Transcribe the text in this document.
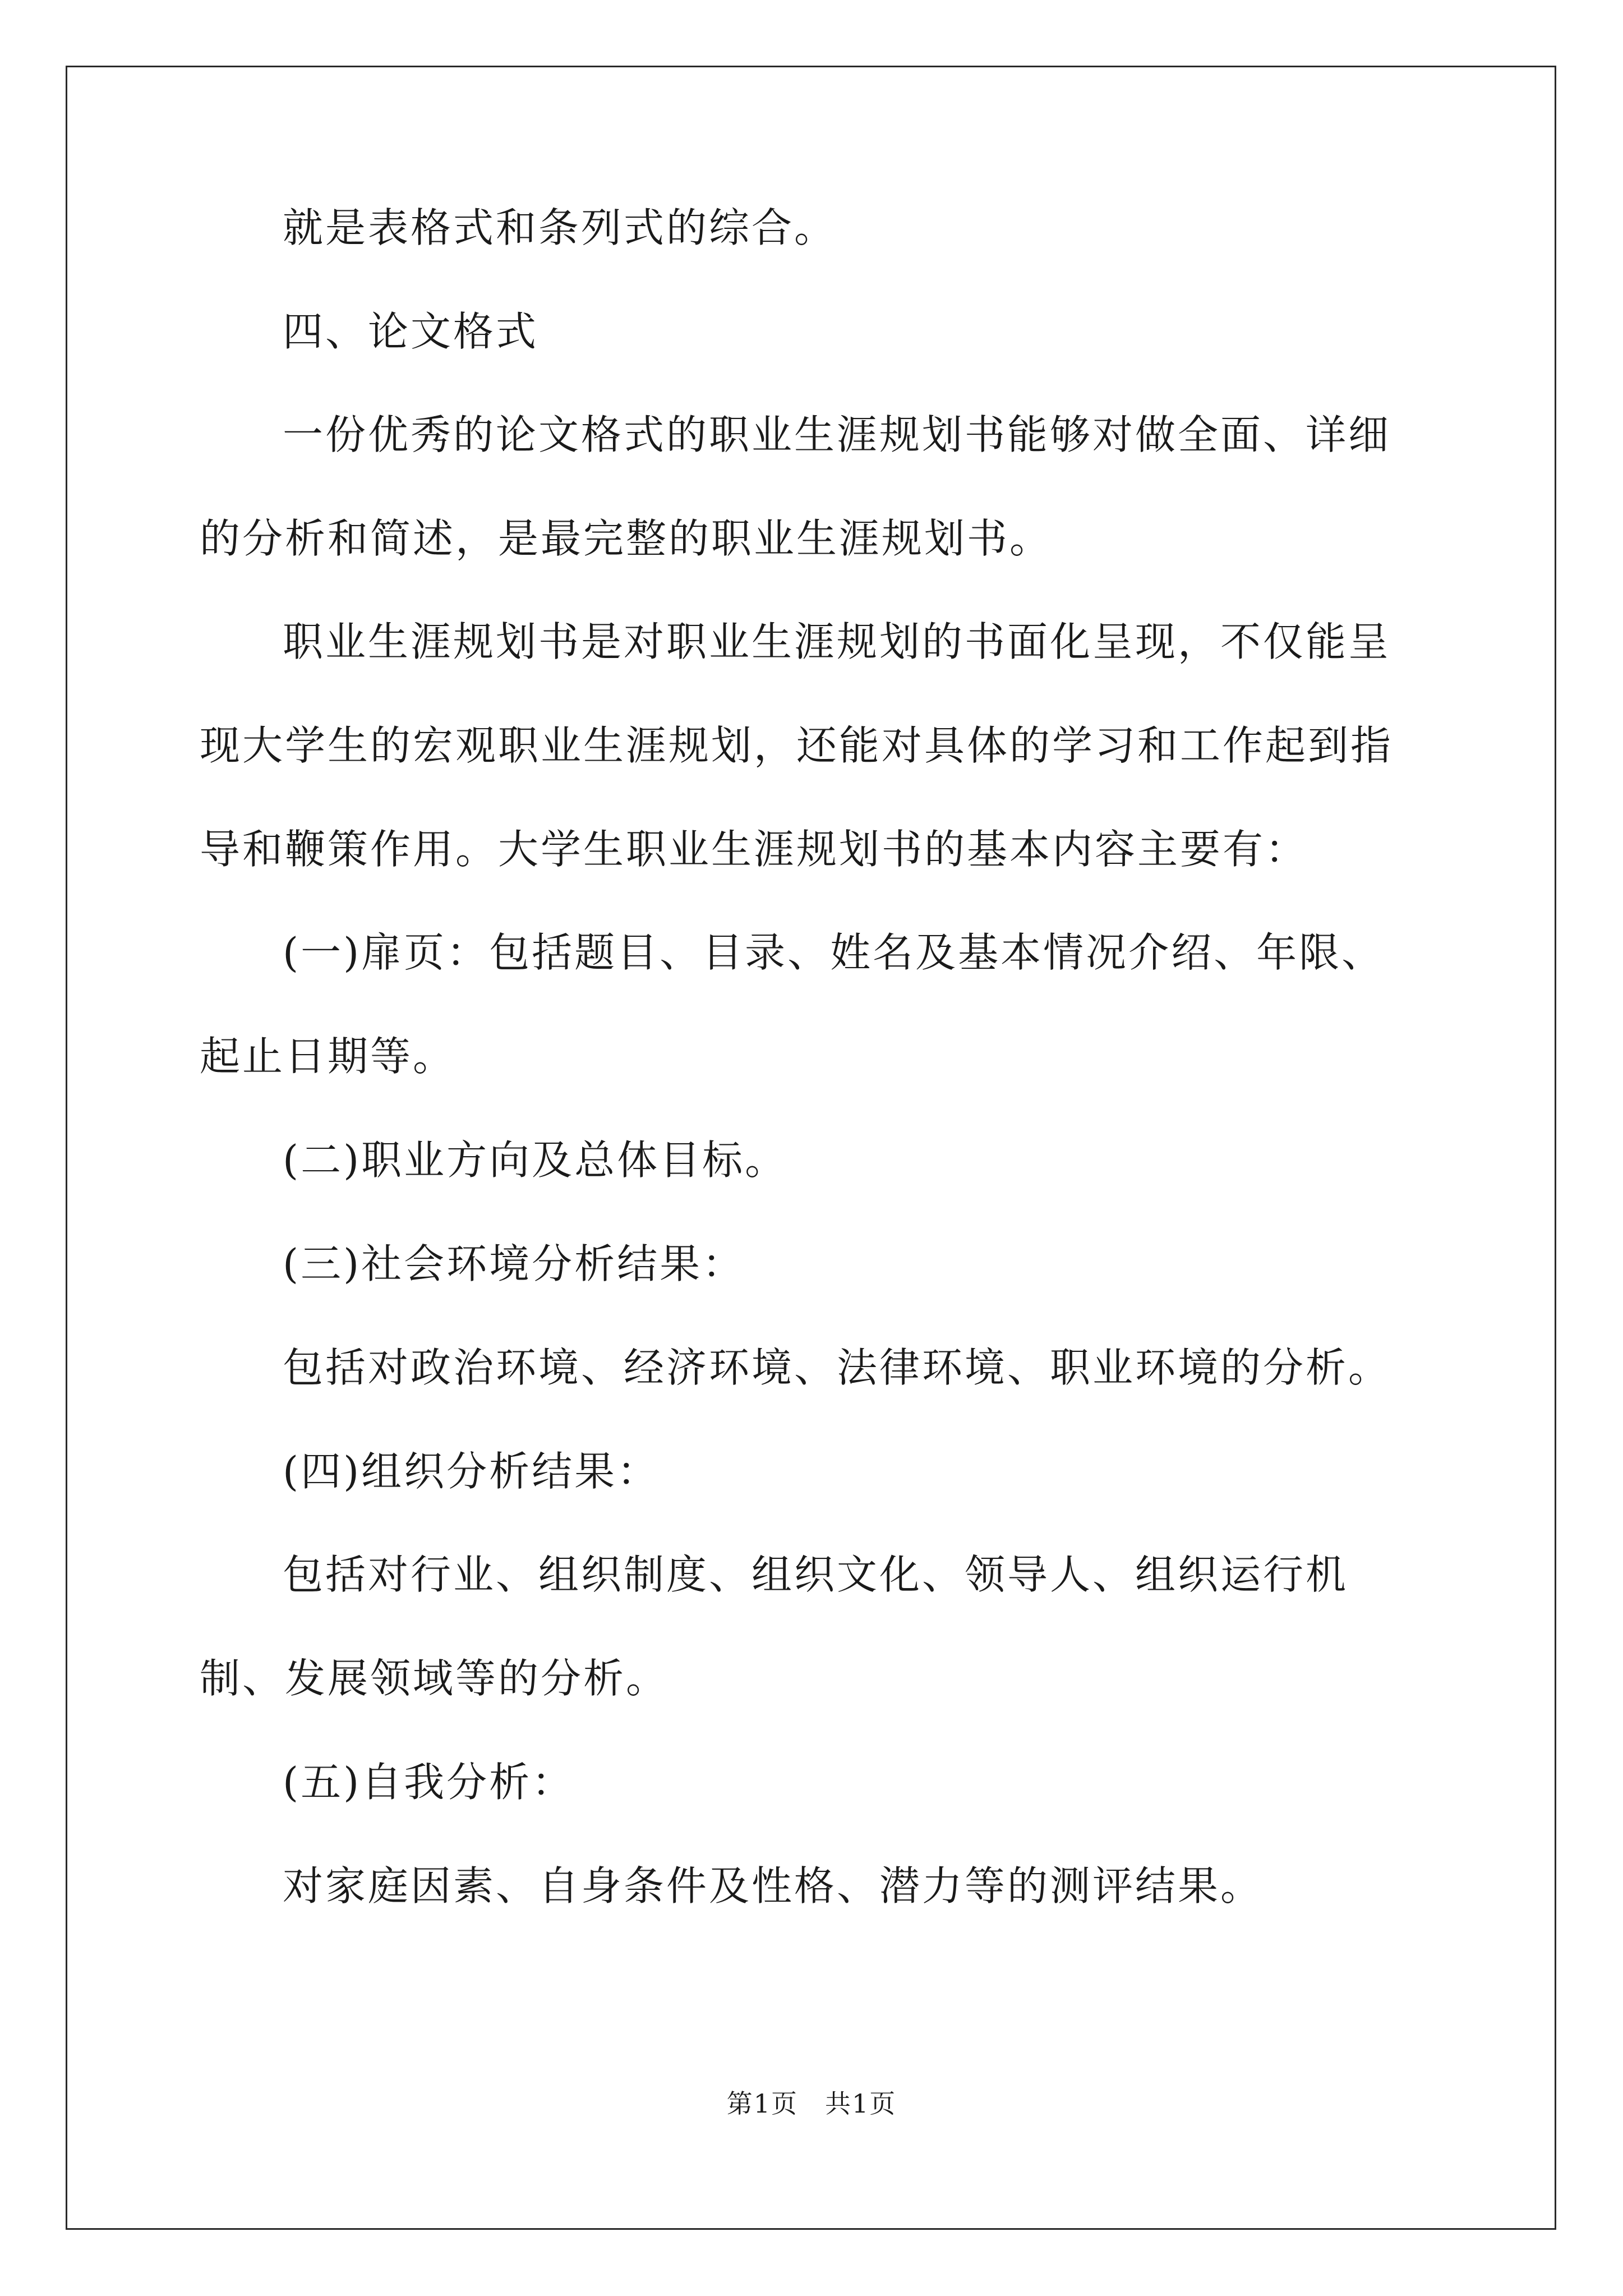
就是表格式和条列式的综合。

四、论文格式

一份优秀的论文格式的职业生涯规划书能够对做全面、详细的分析和简述，是最完整的职业生涯规划书。

职业生涯规划书是对职业生涯规划的书面化呈现，不仅能呈现大学生的宏观职业生涯规划，还能对具体的学习和工作起到指导和鞭策作用。大学生职业生涯规划书的基本内容主要有：

(一)扉页：包括题目、目录、姓名及基本情况介绍、年限、起止日期等。

(二)职业方向及总体目标。

(三)社会环境分析结果：

包括对政治环境、经济环境、法律环境、职业环境的分析。

(四)组织分析结果：

包括对行业、组织制度、组织文化、领导人、组织运行机制、发展领域等的分析。

(五)自我分析：

对家庭因素、自身条件及性格、潜力等的测评结果。

第1页　共1页
